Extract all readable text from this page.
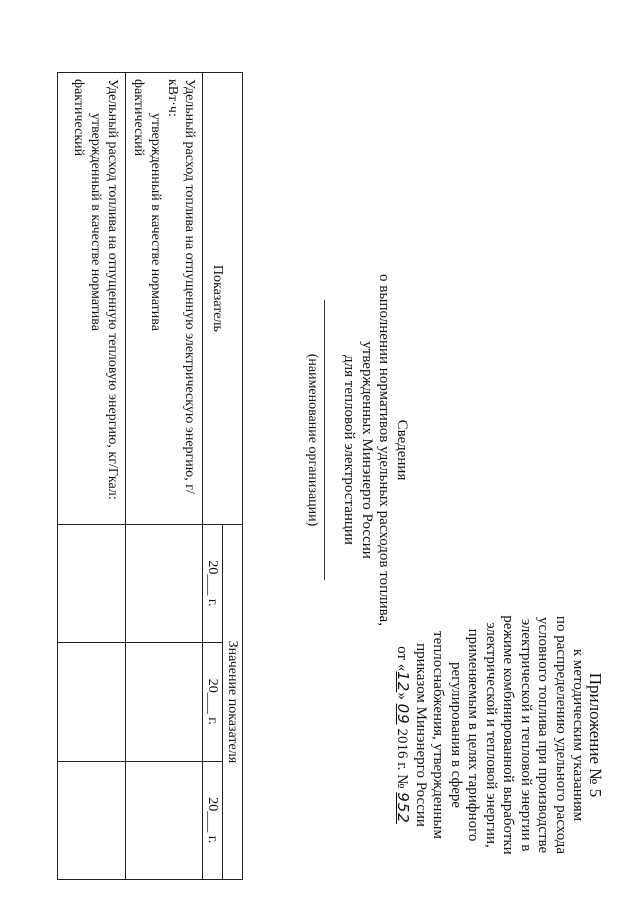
Приложение № 5
к методическим указаниям
по распределению удельного расхода
условного топлива при производстве
электрической и тепловой энергии в
режиме комбинированной выработки
электрической и тепловой энергии,
применяемым в целях тарифного
регулирования в сфере
теплоснабжения, утвержденным
приказом Минэнерго России
от «12» 09 2016 г. № 952
Сведения
о выполнении нормативов удельных расходов топлива,
утвержденных Минэнерго России
для тепловой электростанции
(наименование организации)
Показатель	Значение показателя		
	20___ г.	20___ г.	20___ г.

Удельный расход топлива на отпущенную электрическую энергию, г/кВт·ч:
утвержденный в качестве норматива
фактический			

Удельный расход топлива на отпущенную тепловую энергию, кг/Гкал:
утвержденный в качестве норматива
фактический			
